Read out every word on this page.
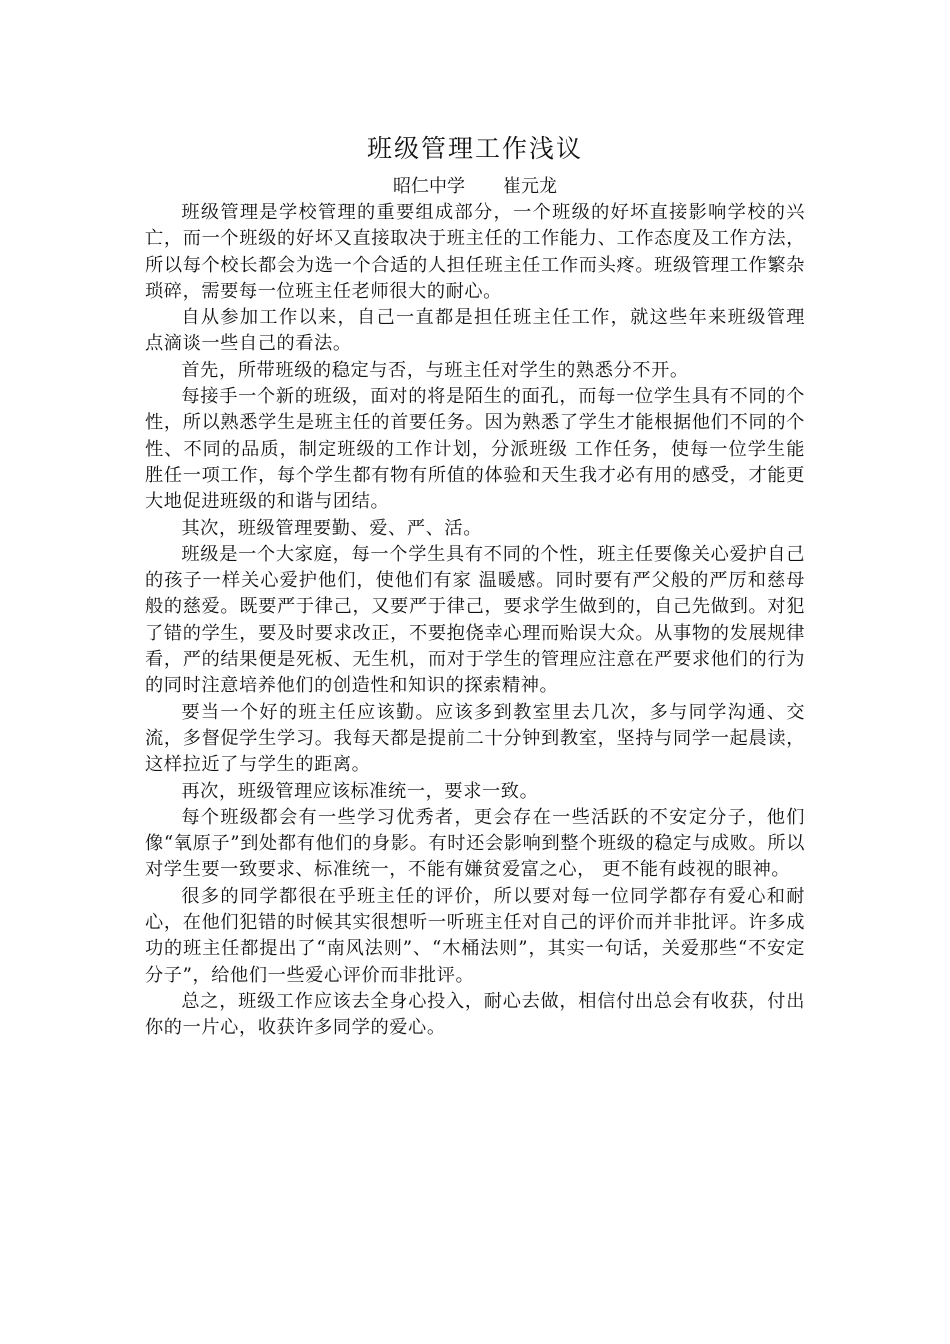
班级管理工作浅议
昭仁中学 崔元龙

班级管理是学校管理的重要组成部分，一个班级的好坏直接影响学校的兴亡，而一个班级的好坏又直接取决于班主任的工作能力、工作态度及工作方法，所以每个校长都会为选一个合适的人担任班主任工作而头疼。班级管理工作繁杂琐碎，需要每一位班主任老师很大的耐心。

自从参加工作以来，自己一直都是担任班主任工作，就这些年来班级管理 点滴谈一些自己的看法。

首先，所带班级的稳定与否，与班主任对学生的熟悉分不开。

每接手一个新的班级，面对的将是陌生的面孔，而每一位学生具有不同的个性，所以熟悉学生是班主任的首要任务。因为熟悉了学生才能根据他们不同的个性、不同的品质，制定班级的工作计划，分派班级 工作任务，使每一位学生能胜任一项工作，每个学生都有物有所值的体验和天生我才必有用的感受，才能更大地促进班级的和谐与团结。

其次，班级管理要勤、爱、严、活。

班级是一个大家庭，每一个学生具有不同的个性，班主任要像关心爱护自己的孩子一样关心爱护他们，使他们有家 温暖感。同时要有严父般的严厉和慈母般的慈爱。既要严于律己，又要严于律己，要求学生做到的，自己先做到。对犯了错的学生，要及时要求改正，不要抱侥幸心理而贻误大众。从事物的发展规律看，严的结果便是死板、无生机，而对于学生的管理应注意在严要求他们的行为的同时注意培养他们的创造性和知识的探索精神。

要当一个好的班主任应该勤。应该多到教室里去几次，多与同学沟通、交流，多督促学生学习。我每天都是提前二十分钟到教室，坚持与同学一起晨读，这样拉近了与学生的距离。

再次，班级管理应该标准统一，要求一致。

每个班级都会有一些学习优秀者，更会存在一些活跃的不安定分子，他们像“氧原子”到处都有他们的身影。有时还会影响到整个班级的稳定与成败。所以对学生要一致要求、标准统一，不能有嫌贫爱富之心， 更不能有歧视的眼神。

很多的同学都很在乎班主任的评价，所以要对每一位同学都存有爱心和耐心，在他们犯错的时候其实很想听一听班主任对自己的评价而并非批评。许多成功的班主任都提出了“南风法则”、“木桶法则”，其实一句话，关爱那些“不安定分子”，给他们一些爱心评价而非批评。

总之，班级工作应该去全身心投入，耐心去做，相信付出总会有收获，付出你的一片心，收获许多同学的爱心。
